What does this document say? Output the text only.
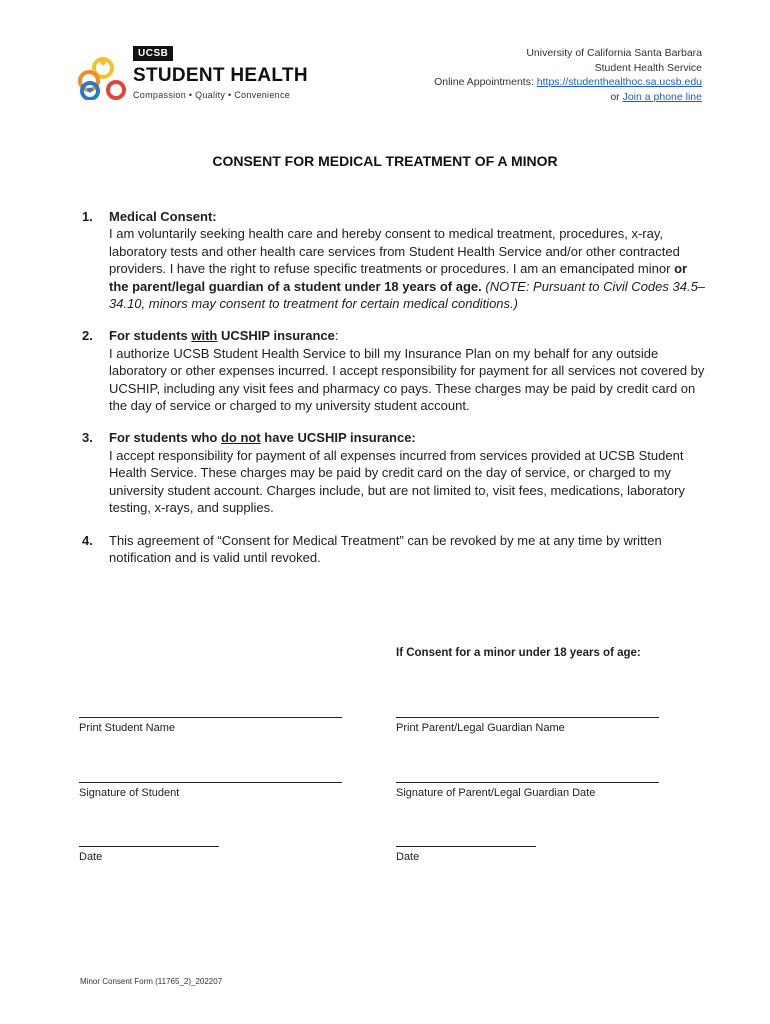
UCSB
STUDENT HEALTH
Compassion • Quality • Convenience
University of California Santa Barbara
Student Health Service
Online Appointments: https://studenthealthoc.sa.ucsb.edu
or Join a phone line
CONSENT FOR MEDICAL TREATMENT OF A MINOR
1. Medical Consent:

I am voluntarily seeking health care and hereby consent to medical treatment, procedures, x-ray, laboratory tests and other health care services from Student Health Service and/or other contracted providers. I have the right to refuse specific treatments or procedures. I am an emancipated minor or the parent/legal guardian of a student under 18 years of age. (NOTE: Pursuant to Civil Codes 34.5–34.10, minors may consent to treatment for certain medical conditions.)

2. For students with UCSHIP insurance:

I authorize UCSB Student Health Service to bill my Insurance Plan on my behalf for any outside laboratory or other expenses incurred. I accept responsibility for payment for all services not covered by UCSHIP, including any visit fees and pharmacy co pays. These charges may be paid by credit card on the day of service or charged to my university student account.

3. For students who do not have UCSHIP insurance:

I accept responsibility for payment of all expenses incurred from services provided at UCSB Student Health Service. These charges may be paid by credit card on the day of service, or charged to my university student account. Charges include, but are not limited to, visit fees, medications, laboratory testing, x-rays, and supplies.

4. This agreement of “Consent for Medical Treatment” can be revoked by me at any time by written notification and is valid until revoked.

If Consent for a minor under 18 years of age:
Print Student Name	Print Parent/Legal Guardian Name
Signature of Student	Signature of Parent/Legal Guardian Date
Date	Date
Minor Consent Form (11765_2)_202207
